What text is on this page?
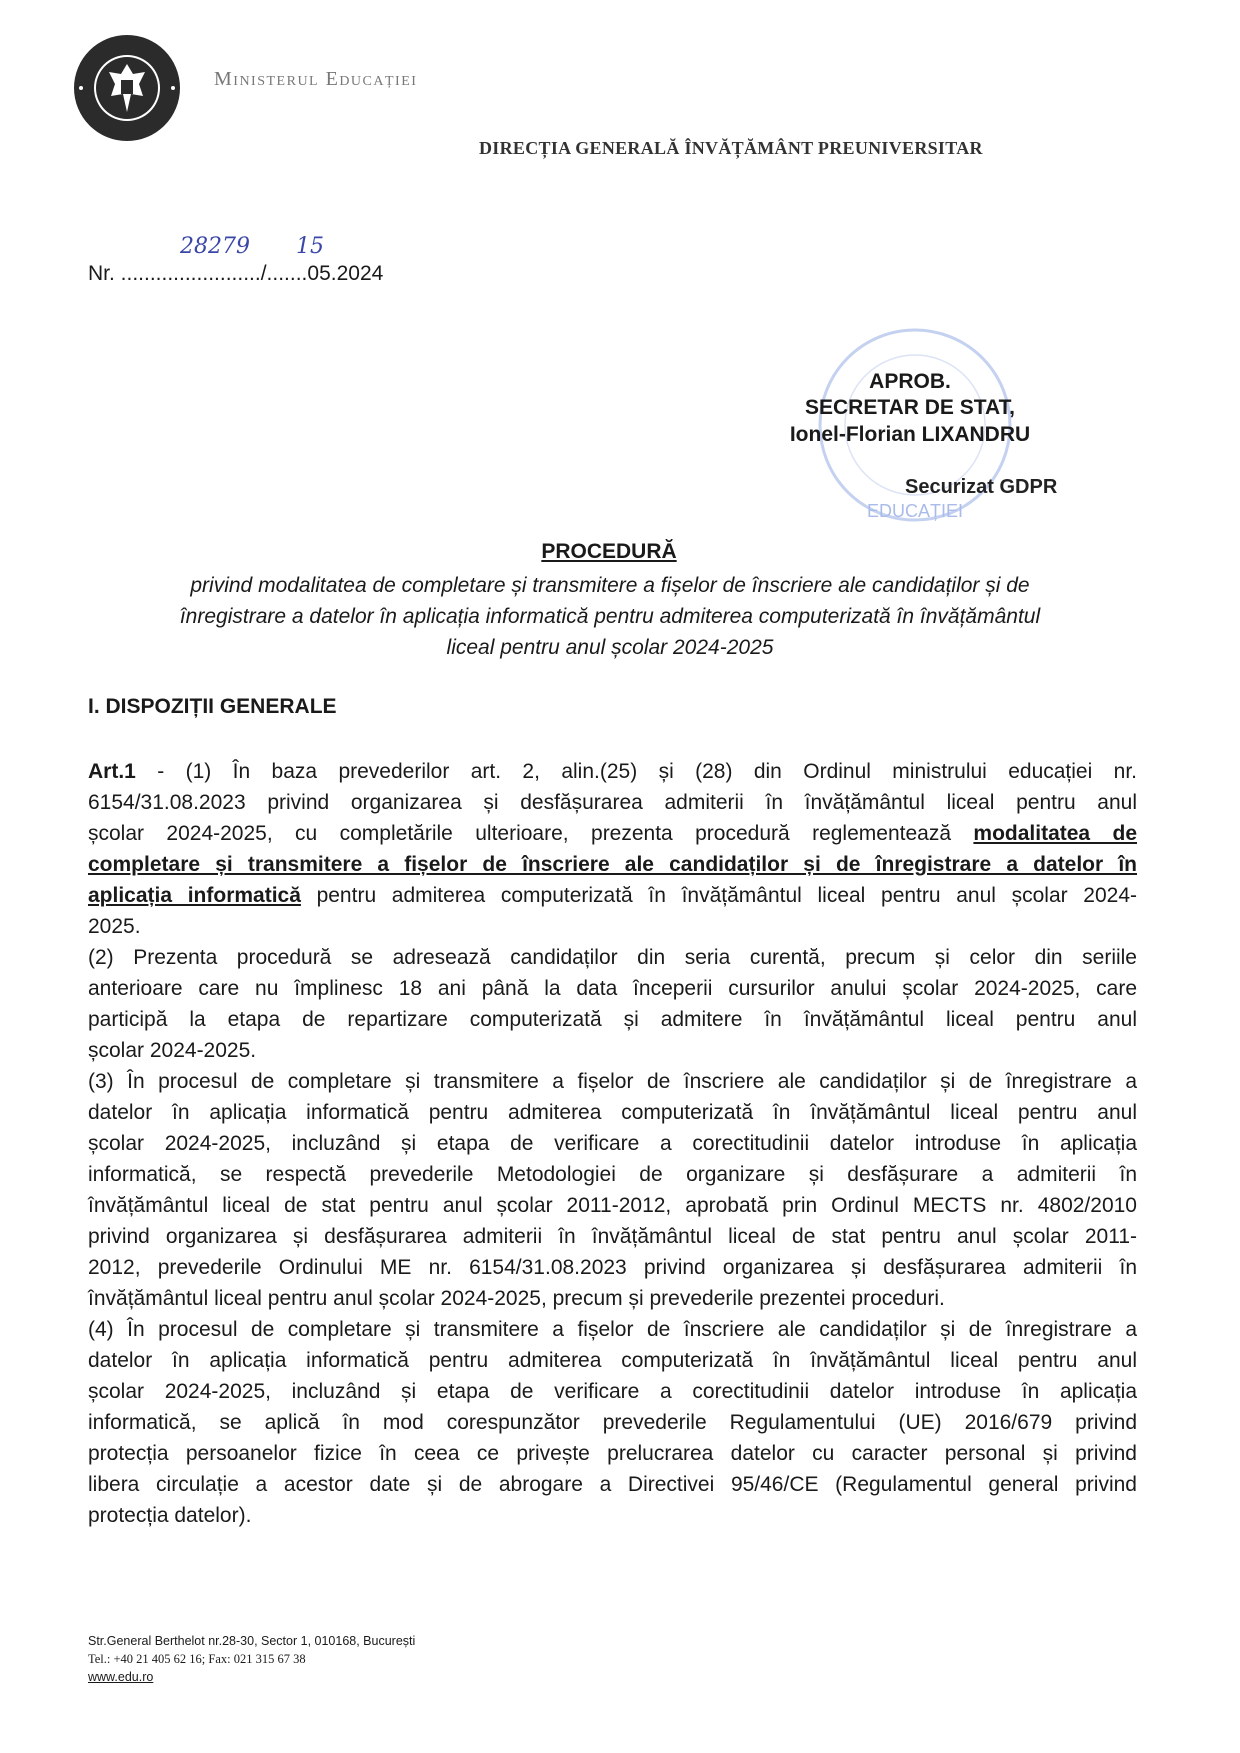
Ministerul Educației
DIRECȚIA GENERALĂ ÎNVĂȚĂMÂNT PREUNIVERSITAR
28279 15
Nr. ......................../.......05.2024
EDUCAȚIEI
APROB.
SECRETAR DE STAT,
Ionel-Florian LIXANDRU
Securizat GDPR
PROCEDURĂ
privind modalitatea de completare și transmitere a fișelor de înscriere ale candidaților și de
înregistrare a datelor în aplicația informatică pentru admiterea computerizată în învățământul
liceal pentru anul școlar 2024-2025
I. DISPOZIȚII GENERALE
Art.1 - (1) În baza prevederilor art. 2, alin.(25) și (28) din Ordinul ministrului educației nr.
6154/31.08.2023 privind organizarea și desfășurarea admiterii în învățământul liceal pentru anul
școlar 2024-2025, cu completările ulterioare, prezenta procedură reglementează modalitatea de
completare și transmitere a fișelor de înscriere ale candidaților și de înregistrare a datelor în
aplicația informatică pentru admiterea computerizată în învățământul liceal pentru anul școlar 2024-
2025.
(2) Prezenta procedură se adresează candidaților din seria curentă, precum și celor din seriile
anterioare care nu împlinesc 18 ani până la data începerii cursurilor anului școlar 2024-2025, care
participă la etapa de repartizare computerizată și admitere în învățământul liceal pentru anul
școlar 2024-2025.
(3) În procesul de completare și transmitere a fișelor de înscriere ale candidaților și de înregistrare a
datelor în aplicația informatică pentru admiterea computerizată în învățământul liceal pentru anul
școlar 2024-2025, incluzând și etapa de verificare a corectitudinii datelor introduse în aplicația
informatică, se respectă prevederile Metodologiei de organizare și desfășurare a admiterii în
învățământul liceal de stat pentru anul școlar 2011-2012, aprobată prin Ordinul MECTS nr. 4802/2010
privind organizarea și desfășurarea admiterii în învățământul liceal de stat pentru anul școlar 2011-
2012, prevederile Ordinului ME nr. 6154/31.08.2023 privind organizarea și desfășurarea admiterii în
învățământul liceal pentru anul școlar 2024-2025, precum și prevederile prezentei proceduri.
(4) În procesul de completare și transmitere a fișelor de înscriere ale candidaților și de înregistrare a
datelor în aplicația informatică pentru admiterea computerizată în învățământul liceal pentru anul
școlar 2024-2025, incluzând și etapa de verificare a corectitudinii datelor introduse în aplicația
informatică, se aplică în mod corespunzător prevederile Regulamentului (UE) 2016/679 privind
protecția persoanelor fizice în ceea ce privește prelucrarea datelor cu caracter personal și privind
libera circulație a acestor date și de abrogare a Directivei 95/46/CE (Regulamentul general privind
protecția datelor).
Str.General Berthelot nr.28-30, Sector 1, 010168, București
Tel.: +40 21 405 62 16; Fax: 021 315 67 38
www.edu.ro
